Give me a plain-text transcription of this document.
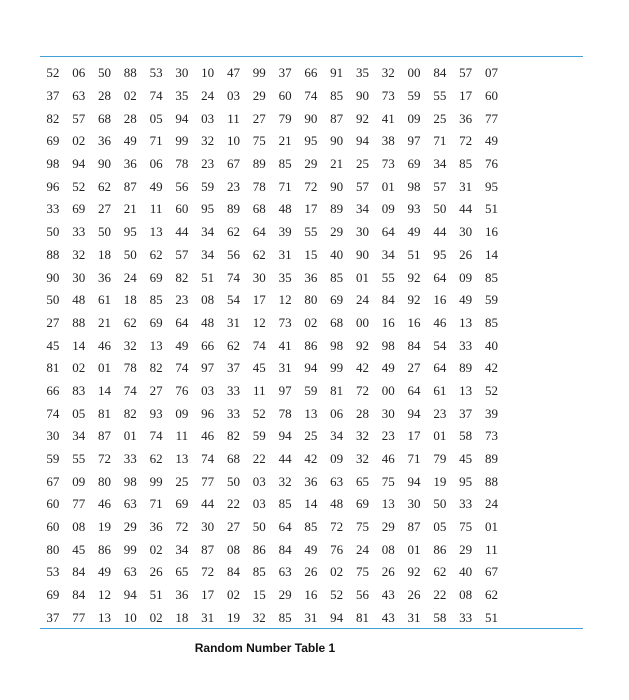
52 06 50 88 53 30 10 47 99 37 66 91 35 32 00 84 57 07
37 63 28 02 74 35 24 03 29 60 74 85 90 73 59 55 17 60
82 57 68 28 05 94 03	11	27 79 90 87 92 41 09 25 36 77
69 02 36 49 71 99 32 10 75 21 95 90 94 38 97 71 72 49
98 94 90 36 06 78 23 67 89 85 29 21 25 73 69 34 85 76
96 52 62 87 49 56 59 23 78 71 72 90 57 01 98 57 31 95
33 69 27 21	11	60 95 89 68 48 17 89 34 09 93 50 44 51
50 33 50 95 13 44 34 62 64 39 55 29 30 64 49 44 30 16
88 32 18 50 62 57 34 56 62 31 15 40 90 34 51 95 26 14
90 30 36 24 69 82 51 74 30 35 36 85 01 55 92 64 09 85
50 48 61 18 85 23 08 54 17 12 80 69 24 84 92 16 49 59
27 88 21 62 69 64 48 31 12 73 02 68 00 16 16 46 13 85
45 14 46 32 13 49 66 62 74 41 86 98 92 98 84 54 33 40
81 02 01 78 82 74 97 37 45 31 94 99 42 49 27 64 89 42
66 83 14 74 27 76 03 33	11	97 59 81 72 00 64 61 13 52
74 05 81 82 93 09 96 33 52 78 13 06 28 30 94 23 37 39
30 34 87 01 74	11	46 82 59 94 25 34 32 23 17 01 58 73
59 55 72 33 62 13 74 68 22 44 42 09 32 46 71 79 45 89
67 09 80 98 99 25 77 50 03 32 36 63 65 75 94 19 95 88
60 77 46 63 71 69 44 22 03 85 14 48 69 13 30 50 33 24
60 08 19 29 36 72 30 27 50 64 85 72 75 29 87 05 75 01
80 45 86 99 02 34 87 08 86 84 49 76 24 08 01 86 29	11
53 84 49 63 26 65 72 84 85 63 26 02 75 26 92 62 40 67
69 84 12 94 51 36 17 02 15 29 16 52 56 43 26 22 08 62
37 77 13 10 02 18 31 19 32 85 31 94 81 43 31 58 33 51
Random Number Table 1
